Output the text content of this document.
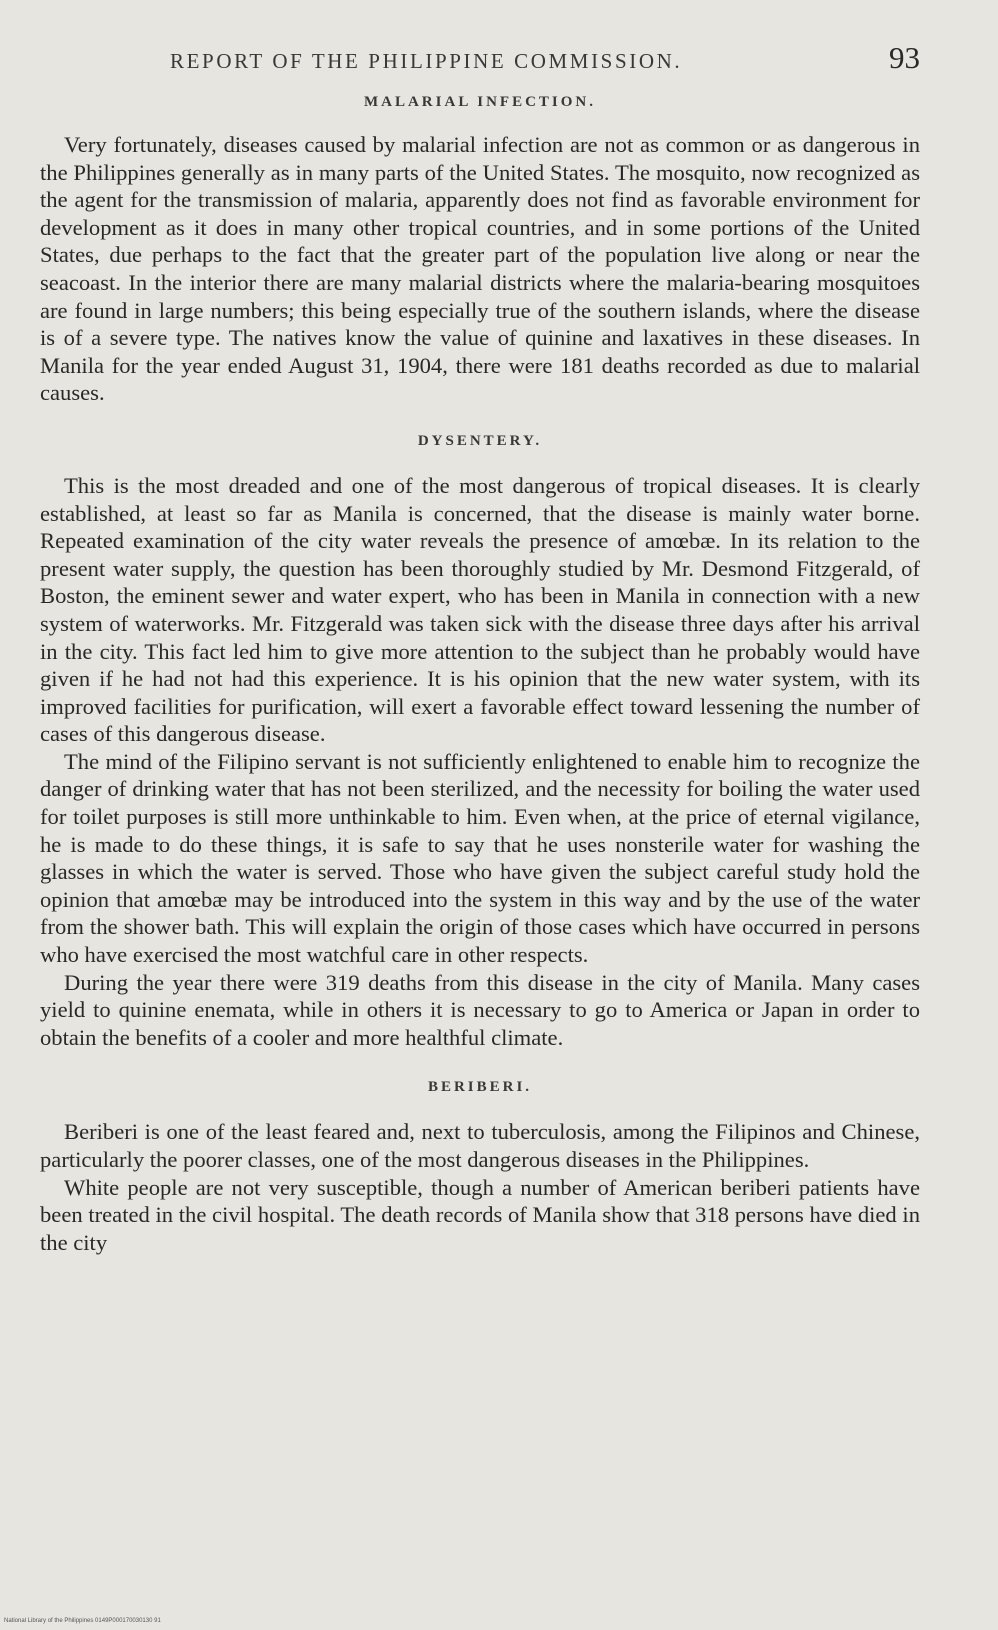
REPORT OF THE PHILIPPINE COMMISSION.	93
MALARIAL INFECTION.

Very fortunately, diseases caused by malarial infection are not as common or as dangerous in the Philippines generally as in many parts of the United States. The mosquito, now recognized as the agent for the transmission of malaria, apparently does not find as favorable environment for development as it does in many other tropical countries, and in some portions of the United States, due perhaps to the fact that the greater part of the population live along or near the seacoast. In the interior there are many malarial districts where the malaria-bearing mosquitoes are found in large numbers; this being especially true of the southern islands, where the disease is of a severe type. The natives know the value of quinine and laxatives in these diseases. In Manila for the year ended August 31, 1904, there were 181 deaths recorded as due to malarial causes.

DYSENTERY.

This is the most dreaded and one of the most dangerous of tropical diseases. It is clearly established, at least so far as Manila is concerned, that the disease is mainly water borne. Repeated examination of the city water reveals the presence of amœbæ. In its relation to the present water supply, the question has been thoroughly studied by Mr. Desmond Fitzgerald, of Boston, the eminent sewer and water expert, who has been in Manila in connection with a new system of waterworks. Mr. Fitzgerald was taken sick with the disease three days after his arrival in the city. This fact led him to give more attention to the subject than he probably would have given if he had not had this experience. It is his opinion that the new water system, with its improved facilities for purification, will exert a favorable effect toward lessening the number of cases of this dangerous disease.

The mind of the Filipino servant is not sufficiently enlightened to enable him to recognize the danger of drinking water that has not been sterilized, and the necessity for boiling the water used for toilet purposes is still more unthinkable to him. Even when, at the price of eternal vigilance, he is made to do these things, it is safe to say that he uses nonsterile water for washing the glasses in which the water is served. Those who have given the subject careful study hold the opinion that amœbæ may be introduced into the system in this way and by the use of the water from the shower bath. This will explain the origin of those cases which have occurred in persons who have exercised the most watchful care in other respects.

During the year there were 319 deaths from this disease in the city of Manila. Many cases yield to quinine enemata, while in others it is necessary to go to America or Japan in order to obtain the benefits of a cooler and more healthful climate.

BERIBERI.

Beriberi is one of the least feared and, next to tuberculosis, among the Filipinos and Chinese, particularly the poorer classes, one of the most dangerous diseases in the Philippines.

White people are not very susceptible, though a number of American beriberi patients have been treated in the civil hospital. The death records of Manila show that 318 persons have died in the city

National Library of the Philippines 0149P000170030130 91
